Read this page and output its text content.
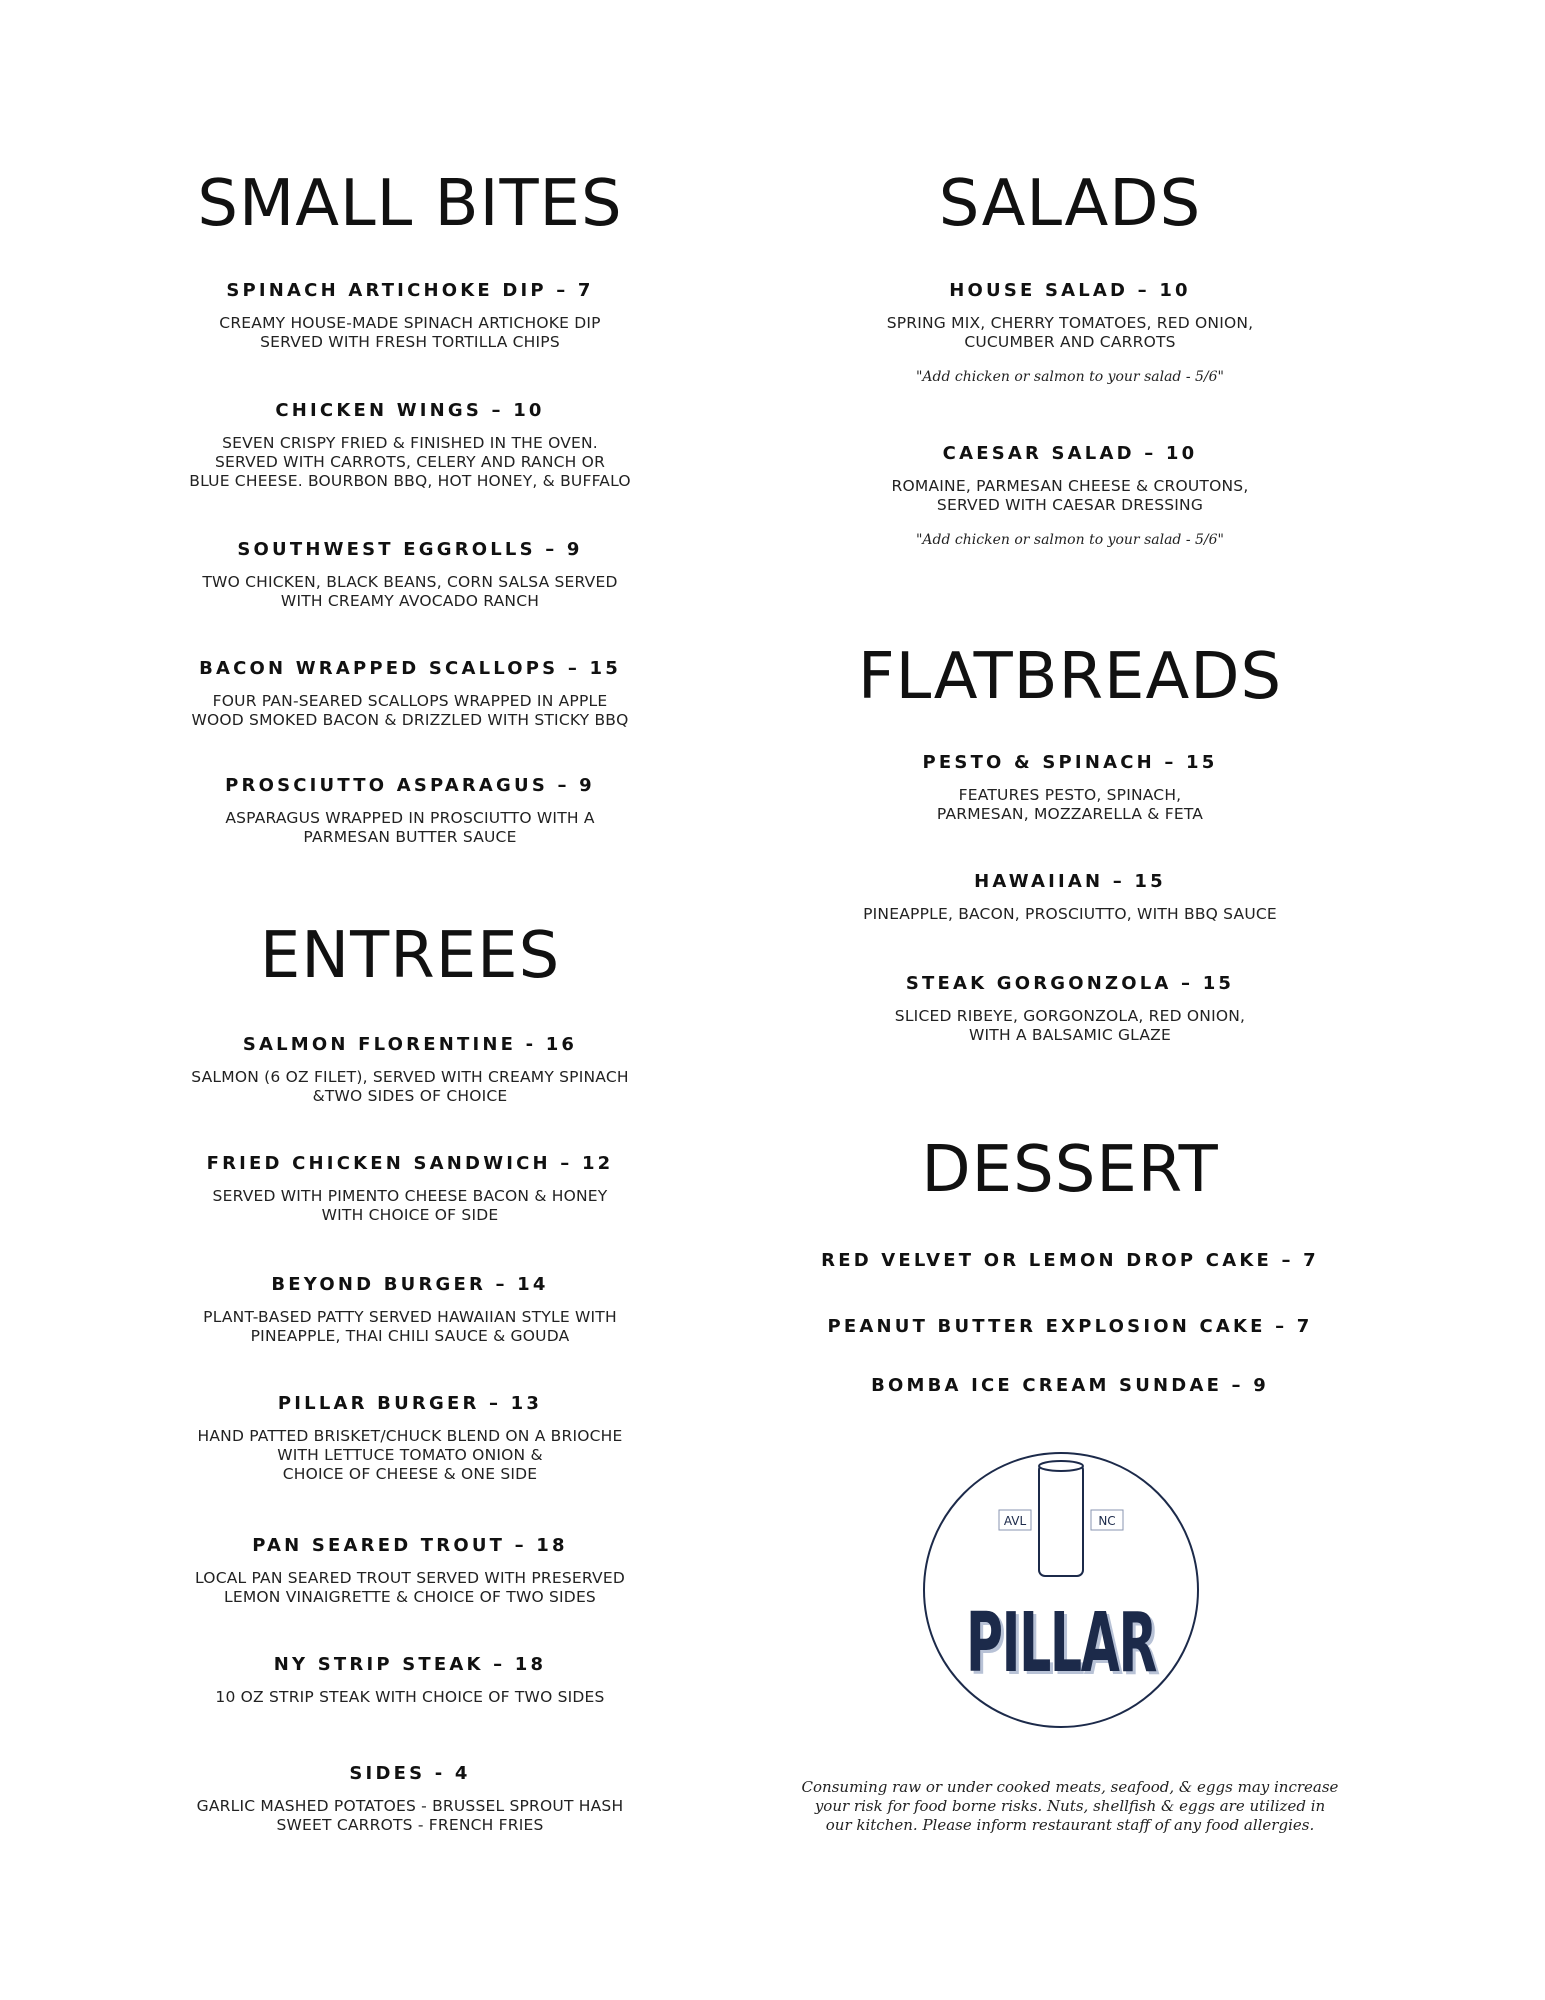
SMALL BITES

SPINACH ARTICHOKE DIP – 7

CREAMY HOUSE-MADE SPINACH ARTICHOKE DIP
SERVED WITH FRESH TORTILLA CHIPS

CHICKEN WINGS – 10

SEVEN CRISPY FRIED & FINISHED IN THE OVEN.
SERVED WITH CARROTS, CELERY AND RANCH OR
BLUE CHEESE. BOURBON BBQ, HOT HONEY, & BUFFALO

SOUTHWEST EGGROLLS – 9

TWO CHICKEN, BLACK BEANS, CORN SALSA SERVED
WITH CREAMY AVOCADO RANCH

BACON WRAPPED SCALLOPS – 15

FOUR PAN-SEARED SCALLOPS WRAPPED IN APPLE
WOOD SMOKED BACON & DRIZZLED WITH STICKY BBQ

PROSCIUTTO ASPARAGUS – 9

ASPARAGUS WRAPPED IN PROSCIUTTO WITH A
PARMESAN BUTTER SAUCE

ENTREES

SALMON FLORENTINE - 16

SALMON (6 OZ FILET), SERVED WITH CREAMY SPINACH
&TWO SIDES OF CHOICE

FRIED CHICKEN SANDWICH – 12

SERVED WITH PIMENTO CHEESE BACON & HONEY
WITH CHOICE OF SIDE

BEYOND BURGER – 14

PLANT-BASED PATTY SERVED HAWAIIAN STYLE WITH
PINEAPPLE, THAI CHILI SAUCE & GOUDA

PILLAR BURGER – 13

HAND PATTED BRISKET/CHUCK BLEND ON A BRIOCHE
WITH LETTUCE TOMATO ONION &
CHOICE OF CHEESE & ONE SIDE

PAN SEARED TROUT – 18

LOCAL PAN SEARED TROUT SERVED WITH PRESERVED
LEMON VINAIGRETTE & CHOICE OF TWO SIDES

NY STRIP STEAK – 18

10 OZ STRIP STEAK WITH CHOICE OF TWO SIDES

SIDES - 4

GARLIC MASHED POTATOES - BRUSSEL SPROUT HASH
SWEET CARROTS - FRENCH FRIES

SALADS

HOUSE SALAD – 10

SPRING MIX, CHERRY TOMATOES, RED ONION,
CUCUMBER AND CARROTS

"Add chicken or salmon to your salad - 5/6"

CAESAR SALAD – 10

ROMAINE, PARMESAN CHEESE & CROUTONS,
SERVED WITH CAESAR DRESSING

"Add chicken or salmon to your salad - 5/6"

FLATBREADS

PESTO & SPINACH – 15

FEATURES PESTO, SPINACH,
PARMESAN, MOZZARELLA & FETA

HAWAIIAN – 15

PINEAPPLE, BACON, PROSCIUTTO, WITH BBQ SAUCE

STEAK GORGONZOLA – 15

SLICED RIBEYE, GORGONZOLA, RED ONION,
WITH A BALSAMIC GLAZE

DESSERT

RED VELVET OR LEMON DROP CAKE – 7

PEANUT BUTTER EXPLOSION CAKE – 7

BOMBA ICE CREAM SUNDAE – 9

AVL	NC
PILLAR
PILLAR

Consuming raw or under cooked meats, seafood, & eggs may increase
your risk for food borne risks. Nuts, shellfish & eggs are utilized in
our kitchen. Please inform restaurant staff of any food allergies.
